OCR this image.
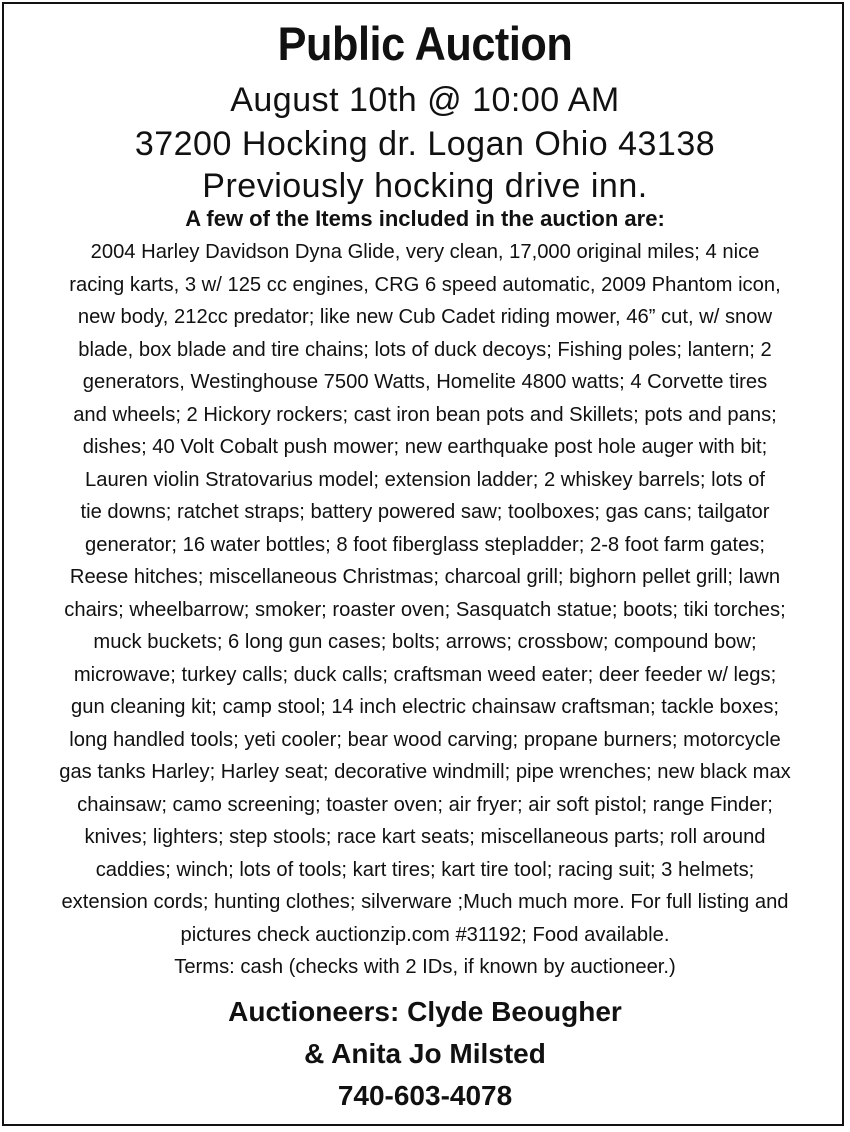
Public Auction
August 10th @ 10:00 AM
37200 Hocking dr. Logan Ohio 43138
Previously hocking drive inn.
A few of the Items included in the auction are:
2004 Harley Davidson Dyna Glide, very clean, 17,000 original miles; 4 nice
racing karts, 3 w/ 125 cc engines, CRG 6 speed automatic, 2009 Phantom icon,
new body, 212cc predator; like new Cub Cadet riding mower, 46” cut, w/ snow
blade, box blade and tire chains; lots of duck decoys; Fishing poles; lantern; 2
generators, Westinghouse 7500 Watts, Homelite 4800 watts; 4 Corvette tires
and wheels; 2 Hickory rockers; cast iron bean pots and Skillets; pots and pans;
dishes; 40 Volt Cobalt push mower; new earthquake post hole auger with bit;
Lauren violin Stratovarius model; extension ladder; 2 whiskey barrels; lots of
tie downs; ratchet straps; battery powered saw; toolboxes; gas cans; tailgator
generator; 16 water bottles; 8 foot fiberglass stepladder; 2-8 foot farm gates;
Reese hitches; miscellaneous Christmas; charcoal grill; bighorn pellet grill; lawn
chairs; wheelbarrow; smoker; roaster oven; Sasquatch statue; boots; tiki torches;
muck buckets; 6 long gun cases; bolts; arrows; crossbow; compound bow;
microwave; turkey calls; duck calls; craftsman weed eater; deer feeder w/ legs;
gun cleaning kit; camp stool; 14 inch electric chainsaw craftsman; tackle boxes;
long handled tools; yeti cooler; bear wood carving; propane burners; motorcycle
gas tanks Harley; Harley seat; decorative windmill; pipe wrenches; new black max
chainsaw; camo screening; toaster oven; air fryer; air soft pistol; range Finder;
knives; lighters; step stools; race kart seats; miscellaneous parts; roll around
caddies; winch; lots of tools; kart tires; kart tire tool; racing suit; 3 helmets;
extension cords; hunting clothes; silverware ;Much much more. For full listing and
pictures check auctionzip.com #31192; Food available.
Terms: cash (checks with 2 IDs, if known by auctioneer.)
Auctioneers: Clyde Beougher
& Anita Jo Milsted
740-603-4078
